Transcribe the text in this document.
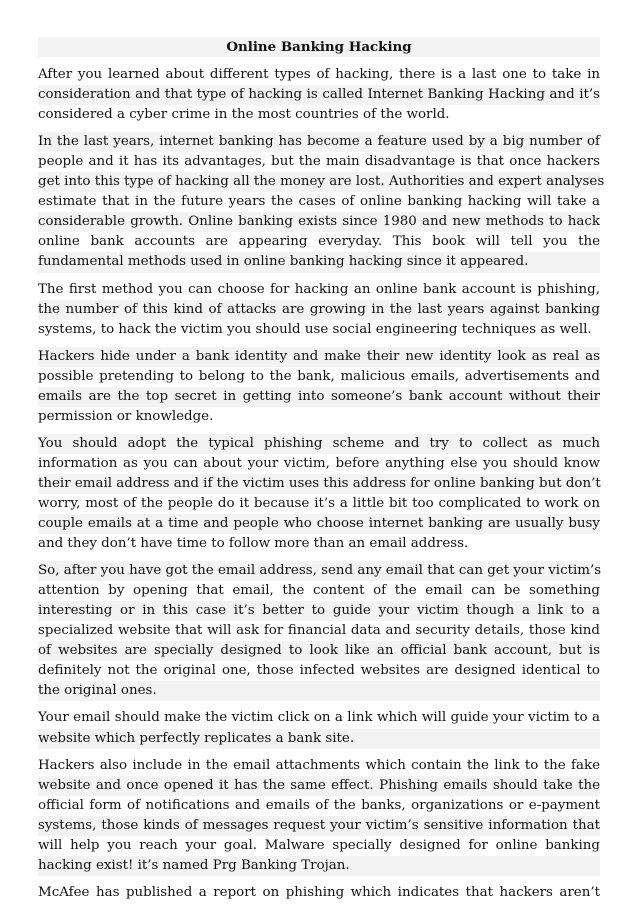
Online Banking Hacking
After you learned about different types of hacking, there is a last one to take in
consideration and that type of hacking is called Internet Banking Hacking and it’s
considered a cyber crime in the most countries of the world.
In the last years, internet banking has become a feature used by a big number of
people and it has its advantages, but the main disadvantage is that once hackers
get into this type of hacking all the money are lost. Authorities and expert analyses
estimate that in the future years the cases of online banking hacking will take a
considerable growth. Online banking exists since 1980 and new methods to hack
online bank accounts are appearing everyday. This book will tell you the
fundamental methods used in online banking hacking since it appeared.
The first method you can choose for hacking an online bank account is phishing,
the number of this kind of attacks are growing in the last years against banking
systems, to hack the victim you should use social engineering techniques as well.
Hackers hide under a bank identity and make their new identity look as real as
possible pretending to belong to the bank, malicious emails, advertisements and
emails are the top secret in getting into someone’s bank account without their
permission or knowledge.
You should adopt the typical phishing scheme and try to collect as much
information as you can about your victim, before anything else you should know
their email address and if the victim uses this address for online banking but don’t
worry, most of the people do it because it’s a little bit too complicated to work on
couple emails at a time and people who choose internet banking are usually busy
and they don’t have time to follow more than an email address.
So, after you have got the email address, send any email that can get your victim’s
attention by opening that email, the content of the email can be something
interesting or in this case it’s better to guide your victim though a link to a
specialized website that will ask for financial data and security details, those kind
of websites are specially designed to look like an official bank account, but is
definitely not the original one, those infected websites are designed identical to
the original ones.
Your email should make the victim click on a link which will guide your victim to a
website which perfectly replicates a bank site.
Hackers also include in the email attachments which contain the link to the fake
website and once opened it has the same effect. Phishing emails should take the
official form of notifications and emails of the banks, organizations or e-payment
systems, those kinds of messages request your victim’s sensitive information that
will help you reach your goal. Malware specially designed for online banking
hacking exist! it’s named Prg Banking Trojan.
McAfee has published a report on phishing which indicates that hackers aren’t
